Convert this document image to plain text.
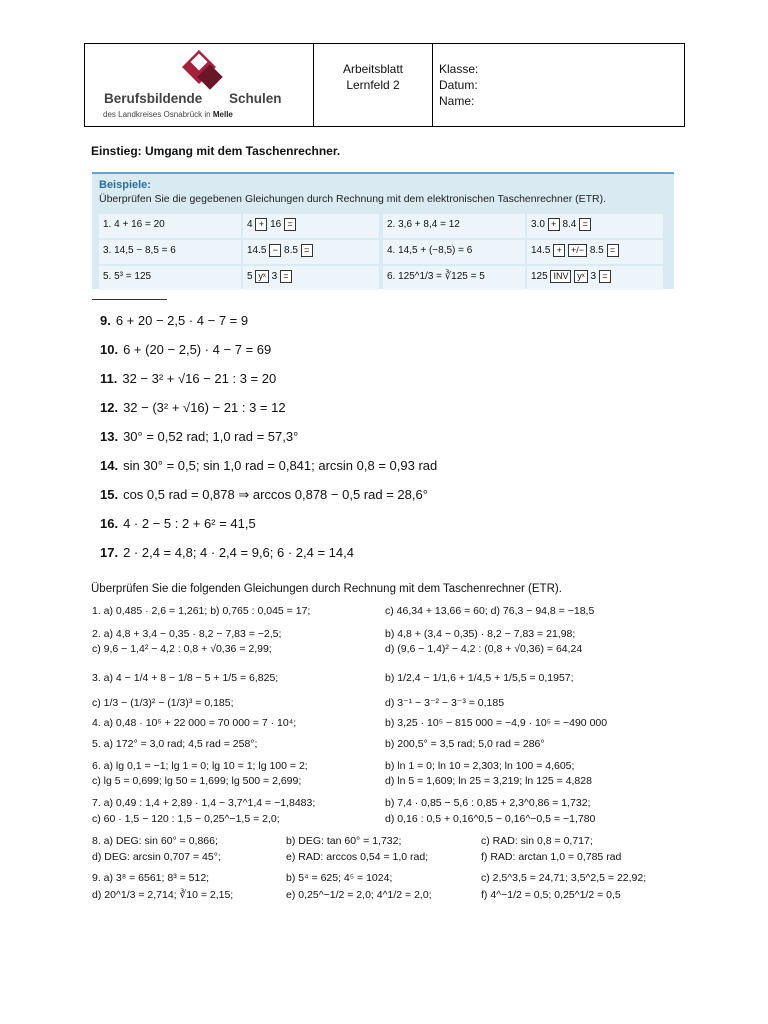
Berufsbildende Schulen
des Landkreises Osnabrück in Melle
Arbeitsblatt
Lernfeld 2
Klasse:
Datum:
Name:
Einstieg: Umgang mit dem Taschenrechner.
Beispiele:
Überprüfen Sie die gegebenen Gleichungen durch Rechnung mit dem elektronischen Taschenrechner (ETR).
1. 4 + 16 = 20	4 + 16 =	2. 3,6 + 8,4 = 12	3.0 + 8.4 =
3. 14,5 − 8,5 = 6	14.5 − 8.5 =	4. 14,5 + (−8,5) = 6	14.5 + +/− 8.5 =
5. 5³ = 125	5 yˣ 3 =	6. 125^1/3 = ∛125 = 5	125 INV yˣ 3 =
9. 6 + 20 − 2,5 · 4 − 7 = 9
10. 6 + (20 − 2,5) · 4 − 7 = 69
11. 32 − 3² + √16 − 21 : 3 = 20
12. 32 − (3² + √16) − 21 : 3 = 12
13. 30° = 0,52 rad; 1,0 rad = 57,3°
14. sin 30° = 0,5; sin 1,0 rad = 0,841; arcsin 0,8 = 0,93 rad
15. cos 0,5 rad = 0,878 ⇒ arccos 0,878 − 0,5 rad = 28,6°
16. 4 · 2 − 5 : 2 + 6² = 41,5
17. 2 · 2,4 = 4,8; 4 · 2,4 = 9,6; 6 · 2,4 = 14,4
Überprüfen Sie die folgenden Gleichungen durch Rechnung mit dem Taschenrechner (ETR).
1. a) 0,485 · 2,6 = 1,261; b) 0,765 : 0,045 = 17;	c) 46,34 + 13,66 = 60; d) 76,3 − 94,8 = −18,5
2. a) 4,8 + 3,4 − 0,35 · 8,2 − 7,83 = −2,5;	b) 4,8 + (3,4 − 0,35) · 8,2 − 7,83 = 21,98;
c) 9,6 − 1,4² − 4,2 : 0,8 + √0,36 = 2,99;	d) (9,6 − 1,4)² − 4,2 : (0,8 + √0,36) = 64,24
3. a) 4 − 1/4 + 8 − 1/8 − 5 + 1/5 = 6,825;	b) 1/2,4 − 1/1,6 + 1/4,5 + 1/5,5 = 0,1957;
c) 1/3 − (1/3)² − (1/3)³ = 0,185;	d) 3⁻¹ − 3⁻² − 3⁻³ = 0,185
4. a) 0,48 · 10⁵ + 22 000 = 70 000 = 7 · 10⁴;	b) 3,25 · 10⁵ − 815 000 = −4,9 · 10⁵ = −490 000
5. a) 172° = 3,0 rad; 4,5 rad = 258°;	b) 200,5° = 3,5 rad; 5,0 rad = 286°
6. a) lg 0,1 = −1; lg 1 = 0; lg 10 = 1; lg 100 = 2;	b) ln 1 = 0; ln 10 = 2,303; ln 100 = 4,605;
c) lg 5 = 0,699; lg 50 = 1,699; lg 500 = 2,699;	d) ln 5 = 1,609; ln 25 = 3,219; ln 125 = 4,828
7. a) 0,49 : 1,4 + 2,89 · 1,4 − 3,7^1,4 = −1,8483;	b) 7,4 · 0,85 − 5,6 : 0,85 + 2,3^0,86 = 1,732;
c) 60 · 1,5 − 120 : 1,5 − 0,25^−1,5 = 2,0;	d) 0,16 : 0,5 + 0,16^0,5 − 0,16^−0,5 = −1,780
8. a) DEG: sin 60° = 0,866;	b) DEG: tan 60° = 1,732;	c) RAD: sin 0,8 = 0,717;
d) DEG: arcsin 0,707 = 45°;	e) RAD: arccos 0,54 = 1,0 rad;	f) RAD: arctan 1,0 = 0,785 rad
9. a) 3⁸ = 6561; 8³ = 512;	b) 5⁴ = 625; 4⁵ = 1024;	c) 2,5^3,5 = 24,71; 3,5^2,5 = 22,92;
d) 20^1/3 = 2,714; ∛10 = 2,15;	e) 0,25^−1/2 = 2,0; 4^1/2 = 2,0;	f) 4^−1/2 = 0,5; 0,25^1/2 = 0,5
